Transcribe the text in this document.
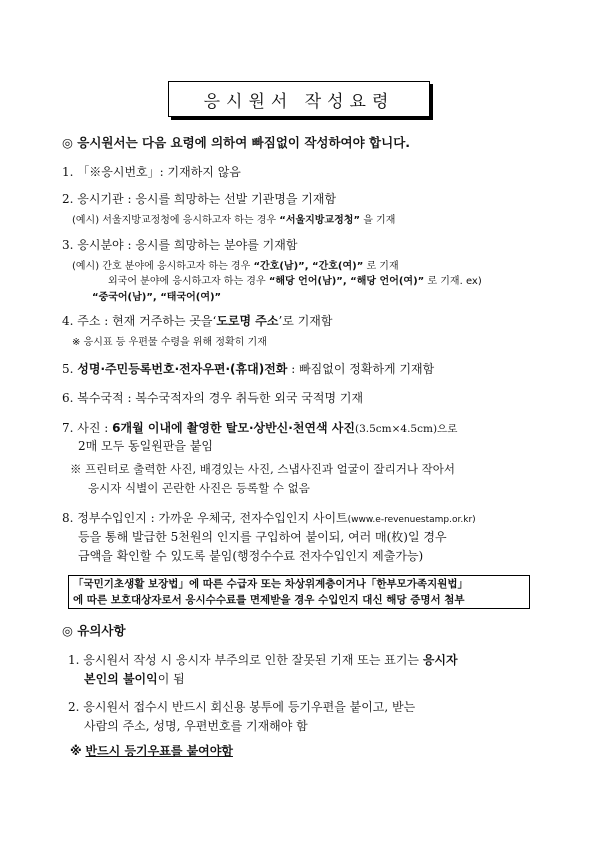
응시원서 작성요령
◎ 응시원서는 다음 요령에 의하여 빠짐없이 작성하여야 합니다.
1. 「※응시번호」: 기재하지 않음
2. 응시기관 : 응시를 희망하는 선발 기관명을 기재함
(예시) 서울지방교정청에 응시하고자 하는 경우 “서울지방교정청” 을 기재
3. 응시분야 : 응시를 희망하는 분야를 기재함
(예시) 간호 분야에 응시하고자 하는 경우 “간호(남)”, “간호(여)” 로 기재
외국어 분야에 응시하고자 하는 경우 “해당 언어(남)”, “해당 언어(여)” 로 기재. ex)
“중국어(남)”, “태국어(여)”
4. 주소 : 현재 거주하는 곳을‘도로명 주소’로 기재함
※ 응시표 등 우편물 수령을 위해 정확히 기재
5. 성명·주민등록번호·전자우편·(휴대)전화 : 빠짐없이 정확하게 기재함
6. 복수국적 : 복수국적자의 경우 취득한 외국 국적명 기재
7. 사진 : 6개월 이내에 촬영한 탈모·상반신·천연색 사진(3.5cm×4.5cm)으로
2매 모두 동일원판을 붙임
※ 프린터로 출력한 사진, 배경있는 사진, 스냅사진과 얼굴이 잘리거나 작아서
응시자 식별이 곤란한 사진은 등록할 수 없음
8. 정부수입인지 : 가까운 우체국, 전자수입인지 사이트(www.e-revenuestamp.or.kr)
등을 통해 발급한 5천원의 인지를 구입하여 붙이되, 여러 매(枚)일 경우
금액을 확인할 수 있도록 붙임(행정수수료 전자수입인지 제출가능)
「국민기초생활 보장법」에 따른 수급자 또는 차상위계층이거나「한부모가족지원법」
에 따른 보호대상자로서 응시수수료를 면제받을 경우 수입인지 대신 해당 증명서 첨부
◎ 유의사항
1. 응시원서 작성 시 응시자 부주의로 인한 잘못된 기재 또는 표기는 응시자
본인의 불이익이 됨
2. 응시원서 접수시 반드시 회신용 봉투에 등기우편을 붙이고, 받는
사람의 주소, 성명, 우편번호를 기재해야 함
※ 반드시 등기우표를 붙여야함
